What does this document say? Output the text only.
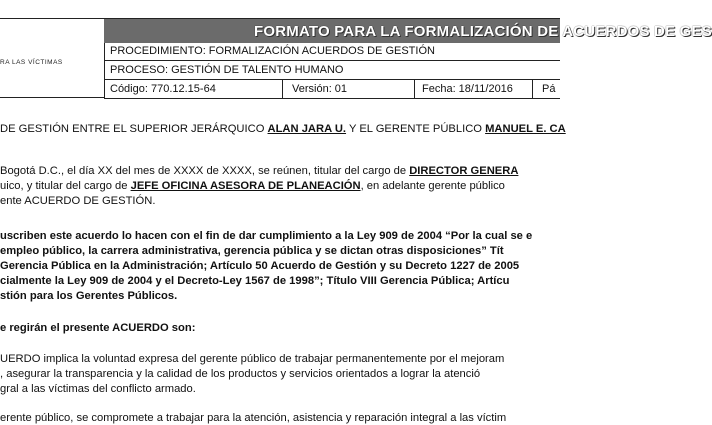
RA LAS VÍCTIMAS
FORMATO PARA LA FORMALIZACIÓN DE ACUERDOS DE GES
PROCEDIMIENTO: FORMALIZACIÓN ACUERDOS DE GESTIÓN
PROCESO: GESTIÓN DE TALENTO HUMANO
Código: 770.12.15-64	Versión: 01	Fecha: 18/11/2016	Pá
DE GESTIÓN ENTRE EL SUPERIOR JERÁRQUICO ALAN JARA U. Y EL GERENTE PÚBLICO MANUEL E. CA
Bogotá D.C., el día XX del mes de XXXX de XXXX, se reúnen, titular del cargo de DIRECTOR GENERA
uico, y titular del cargo de JEFE OFICINA ASESORA DE PLANEACIÓN, en adelante gerente público
ente ACUERDO DE GESTIÓN.
uscriben este acuerdo lo hacen con el fin de dar cumplimiento a la Ley 909 de 2004 “Por la cual se e
empleo público, la carrera administrativa, gerencia pública y se dictan otras disposiciones” Tít
Gerencia Pública en la Administración; Artículo 50 Acuerdo de Gestión y su Decreto 1227 de 2005
cialmente la Ley 909 de 2004 y el Decreto-Ley 1567 de 1998”; Título VIII Gerencia Pública; Artícu
stión para los Gerentes Públicos.
e regirán el presente ACUERDO son:
UERDO implica la voluntad expresa del gerente público de trabajar permanentemente por el mejoram
, asegurar la transparencia y la calidad de los productos y servicios orientados a lograr la atenció
gral a las víctimas del conflicto armado.
erente público, se compromete a trabajar para la atención, asistencia y reparación integral a las víctim
